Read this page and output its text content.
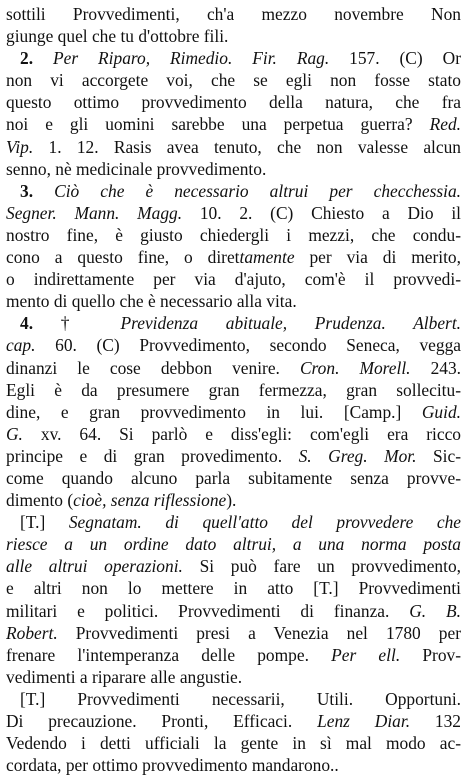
sottili Provvedimenti, ch'a mezzo novembre Non
giunge quel che tu d'ottobre fili.
2. Per Riparo, Rimedio. Fir. Rag. 157. (C) Or
non vi accorgete voi, che se egli non fosse stato
questo ottimo provvedimento della natura, che fra
noi e gli uomini sarebbe una perpetua guerra? Red.
Vip. 1. 12. Rasis avea tenuto, che non valesse alcun
senno, nè medicinale provvedimento.
3. Ciò che è necessario altrui per checchessia.
Segner. Mann. Magg. 10. 2. (C) Chiesto a Dio il
nostro fine, è giusto chiedergli i mezzi, che condu-
cono a questo fine, o direttamente per via di merito,
o indirettamente per via d'ajuto, com'è il provvedi-
mento di quello che è necessario alla vita.
4. † Previdenza abituale, Prudenza. Albert.
cap. 60. (C) Provvedimento, secondo Seneca, vegga
dinanzi le cose debbon venire. Cron. Morell. 243.
Egli è da presumere gran fermezza, gran sollecitu-
dine, e gran provvedimento in lui. [Camp.] Guid.
G. xv. 64. Si parlò e diss'egli: com'egli era ricco
principe e di gran provedimento. S. Greg. Mor. Sic-
come quando alcuno parla subitamente senza provve-
dimento (cioè, senza riflessione).
[T.] Segnatam. di quell'atto del provvedere che
riesce a un ordine dato altrui, a una norma posta
alle altrui operazioni. Si può fare un provvedimento,
e altri non lo mettere in atto [T.] Provvedimenti
militari e politici. Provvedimenti di finanza. G. B.
Robert. Provvedimenti presi a Venezia nel 1780 per
frenare l'intemperanza delle pompe. Per ell. Prov-
vedimenti a riparare alle angustie.
[T.] Provvedimenti necessarii, Utili. Opportuni.
Di precauzione. Pronti, Efficaci. Lenz Diar. 132
Vedendo i detti ufficiali la gente in sì mal modo ac-
cordata, per ottimo provvedimento mandarono..
